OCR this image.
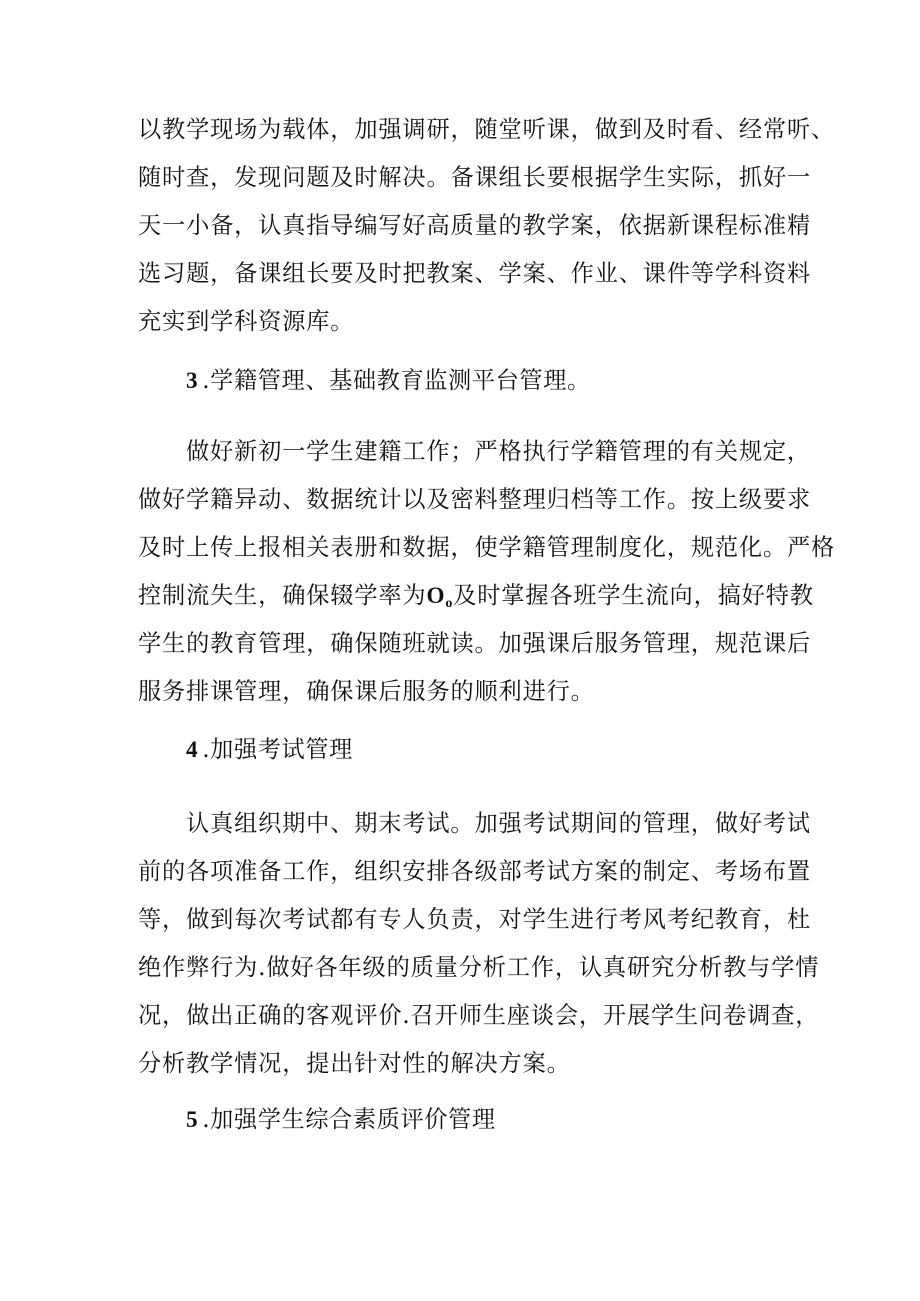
以教学现场为载体，加强调研，随堂听课，做到及时看、经常听、
随时查，发现问题及时解决。备课组长要根据学生实际，抓好一
天一小备，认真指导编写好高质量的教学案，依据新课程标准精
选习题，备课组长要及时把教案、学案、作业、课件等学科资料
充实到学科资源库。
3 .学籍管理、基础教育监测平台管理。
做好新初一学生建籍工作；严格执行学籍管理的有关规定，
做好学籍异动、数据统计以及密料整理归档等工作。按上级要求
及时上传上报相关表册和数据，使学籍管理制度化，规范化。严格
控制流失生，确保辍学率为$O_o$及时掌握各班学生流向，搞好特教
学生的教育管理，确保随班就读。加强课后服务管理，规范课后
服务排课管理，确保课后服务的顺利进行。
4 .加强考试管理
认真组织期中、期末考试。加强考试期间的管理，做好考试
前的各项准备工作，组织安排各级部考试方案的制定、考场布置
等，做到每次考试都有专人负责，对学生进行考风考纪教育，杜
绝作弊行为.做好各年级的质量分析工作，认真研究分析教与学情
况，做出正确的客观评价.召开师生座谈会，开展学生问卷调查，
分析教学情况，提出针对性的解决方案。
5 .加强学生综合素质评价管理
